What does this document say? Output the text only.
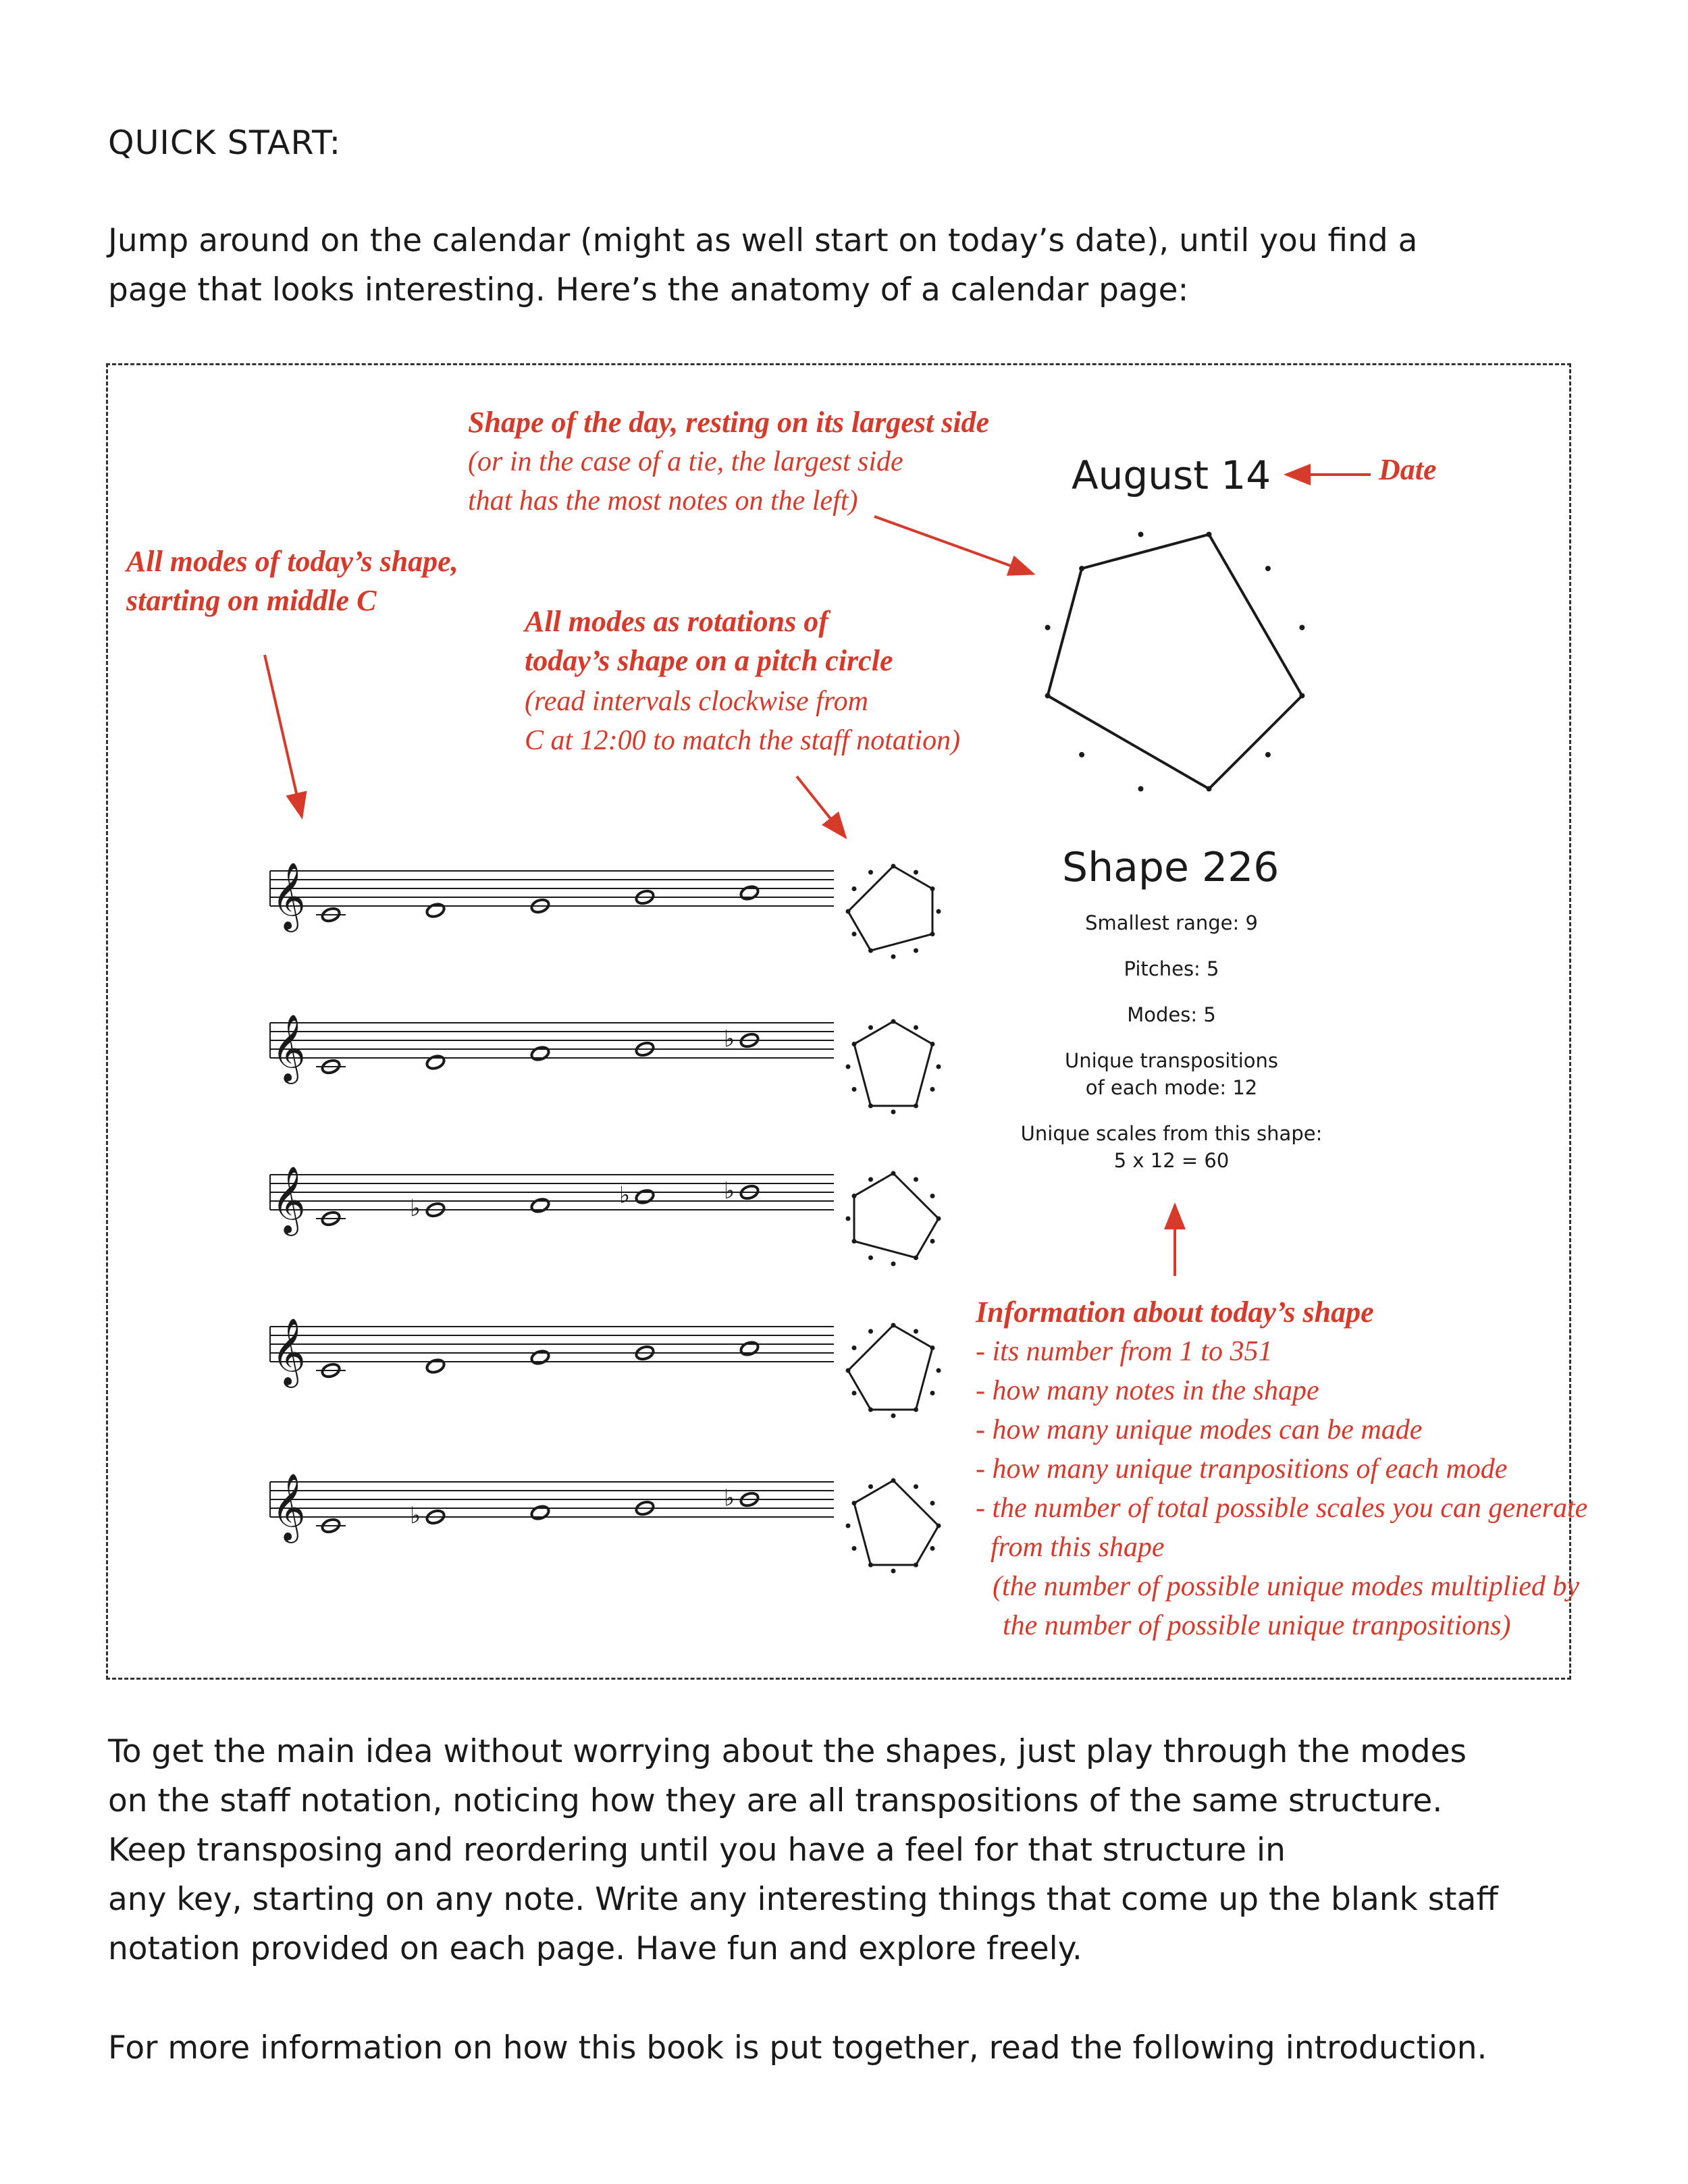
QUICK START:
Jump around on the calendar (might as well start on today’s date), until you find a
page that looks interesting. Here’s the anatomy of a calendar page:
Shape of the day, resting on its largest side
(or in the case of a tie, the largest side
that has the most notes on the left)
August 14	Date
All modes of today’s shape,
starting on middle C
All modes as rotations of
today’s shape on a pitch circle
(read intervals clockwise from
C at 12:00 to match the staff notation)
Shape 226
Smallest range: 9
Pitches: 5
Modes: 5
Unique transpositions
of each mode: 12
Unique scales from this shape:
5 x 12 = 60
Information about today’s shape
- its number from 1 to 351
- how many notes in the shape
- how many unique modes can be made
- how many unique tranpositions of each mode
- the number of total possible scales you can generate
from this shape
(the number of possible unique modes multiplied by
the number of possible unique tranpositions)
𝄞
𝄞	♭
𝄞	♭	♭	♭
𝄞
𝄞	♭
♭
To get the main idea without worrying about the shapes, just play through the modes
on the staff notation, noticing how they are all transpositions of the same structure.
Keep transposing and reordering until you have a feel for that structure in
any key, starting on any note. Write any interesting things that come up the blank staff
notation provided on each page. Have fun and explore freely.
For more information on how this book is put together, read the following introduction.
